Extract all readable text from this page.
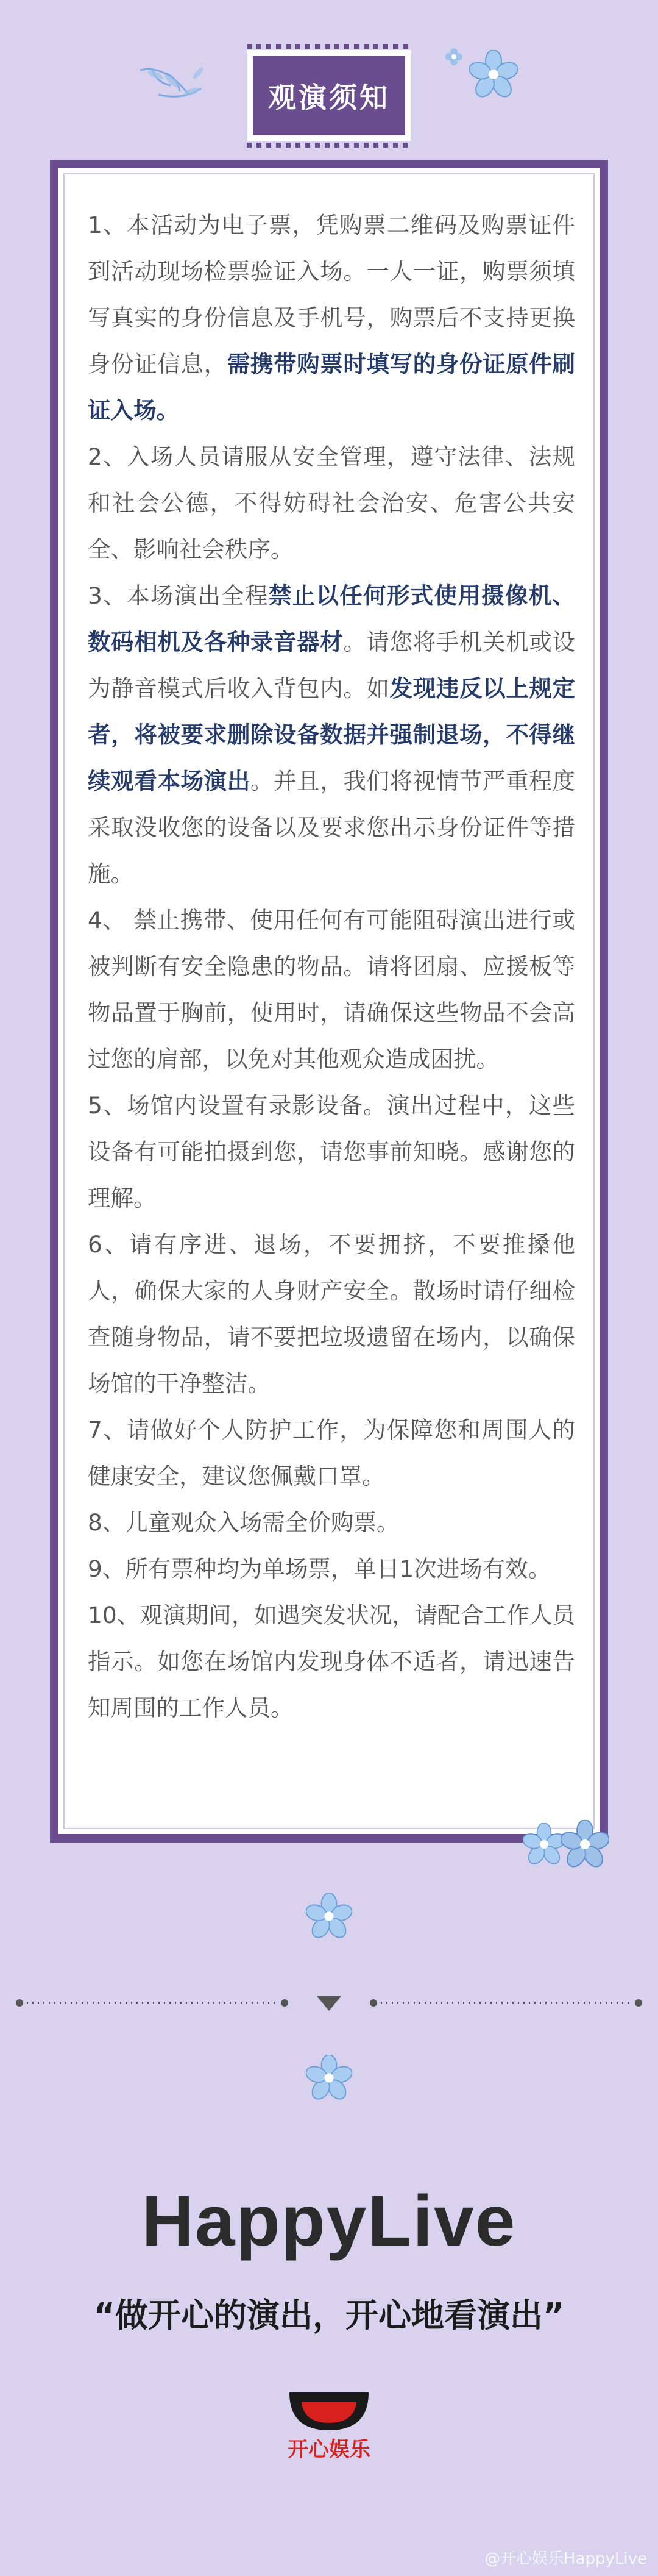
观演须知

1、本活动为电子票，凭购票二维码及购票证件到活动现场检票验证入场。一人一证，购票须填写真实的身份信息及手机号，购票后不支持更换身份证信息，需携带购票时填写的身份证原件刷证入场。

2、入场人员请服从安全管理，遵守法律、法规和社会公德，不得妨碍社会治安、危害公共安全、影响社会秩序。

3、本场演出全程禁止以任何形式使用摄像机、数码相机及各种录音器材。请您将手机关机或设为静音模式后收入背包内。如发现违反以上规定者，将被要求删除设备数据并强制退场，不得继续观看本场演出。并且，我们将视情节严重程度采取没收您的设备以及要求您出示身份证件等措施。

4、 禁止携带、使用任何有可能阻碍演出进行或被判断有安全隐患的物品。请将团扇、应援板等物品置于胸前，使用时，请确保这些物品不会高过您的肩部，以免对其他观众造成困扰。

5、场馆内设置有录影设备。演出过程中，这些设备有可能拍摄到您，请您事前知晓。感谢您的理解。

6、请有序进、退场，不要拥挤，不要推搡他人，确保大家的人身财产安全。散场时请仔细检查随身物品，请不要把垃圾遗留在场内，以确保场馆的干净整洁。

7、请做好个人防护工作，为保障您和周围人的健康安全，建议您佩戴口罩。

8、儿童观众入场需全价购票。

9、所有票种均为单场票，单日1次进场有效。

10、观演期间，如遇突发状况，请配合工作人员指示。如您在场馆内发现身体不适者，请迅速告知周围的工作人员。

HappyLive
“做开心的演出，开心地看演出”
开心娱乐
@开心娱乐HappyLive
